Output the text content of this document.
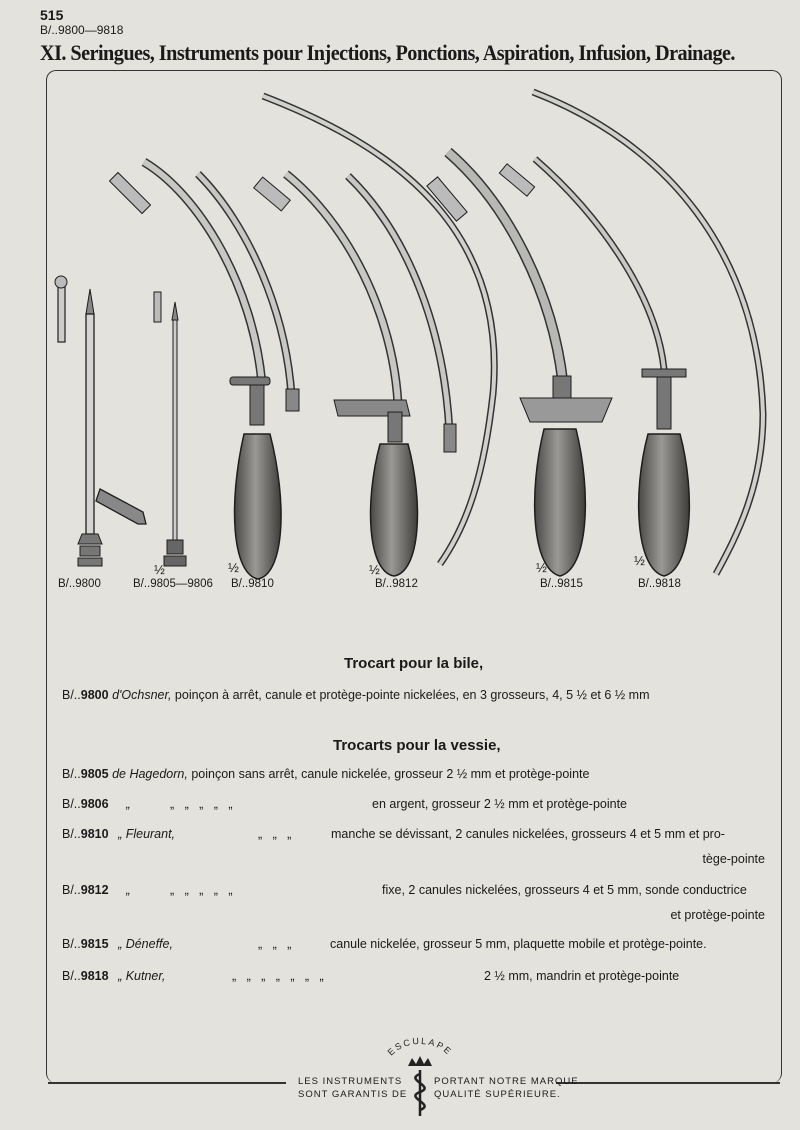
515
B/..9800—9818
XI. Seringues, Instruments pour Injections, Ponctions, Aspiration, Infusion, Drainage.
B/..9800	B/..9805—9806 B/..9810	B/..9812	B/..9815	B/..9818
½	½	½	½	½
Trocart pour la bile,
B/..9800 d'Ochsner, poinçon à arrêt, canule et protège-pointe nickelées, en 3 grosseurs, 4, 5 ½ et 6 ½ mm
Trocarts pour la vessie,
B/..9805 de Hagedorn, poinçon sans arrêt, canule nickelée, grosseur 2 ½ mm et protège-pointe
B/..9806 „	„   „   „   „   „	en argent, grosseur 2 ½ mm et protège-pointe
B/..9810 „ Fleurant,	„   „   „	manche se dévissant, 2 canules nickelées, grosseurs 4 et 5 mm et pro-
tège-pointe
B/..9812 „	„   „   „   „   „	fixe, 2 canules nickelées, grosseurs 4 et 5 mm, sonde conductrice
et protège-pointe
B/..9815 „ Déneffe,	„   „   „	canule nickelée, grosseur 5 mm, plaquette mobile et protège-pointe.
B/..9818 „ Kutner,	„   „   „   „   „   „   „	2 ½ mm, mandrin et protège-pointe
ESCULAPE
LES INSTRUMENTS
SONT GARANTIS DE
PORTANT NOTRE MARQUE
QUALITÉ SUPÉRIEURE.
